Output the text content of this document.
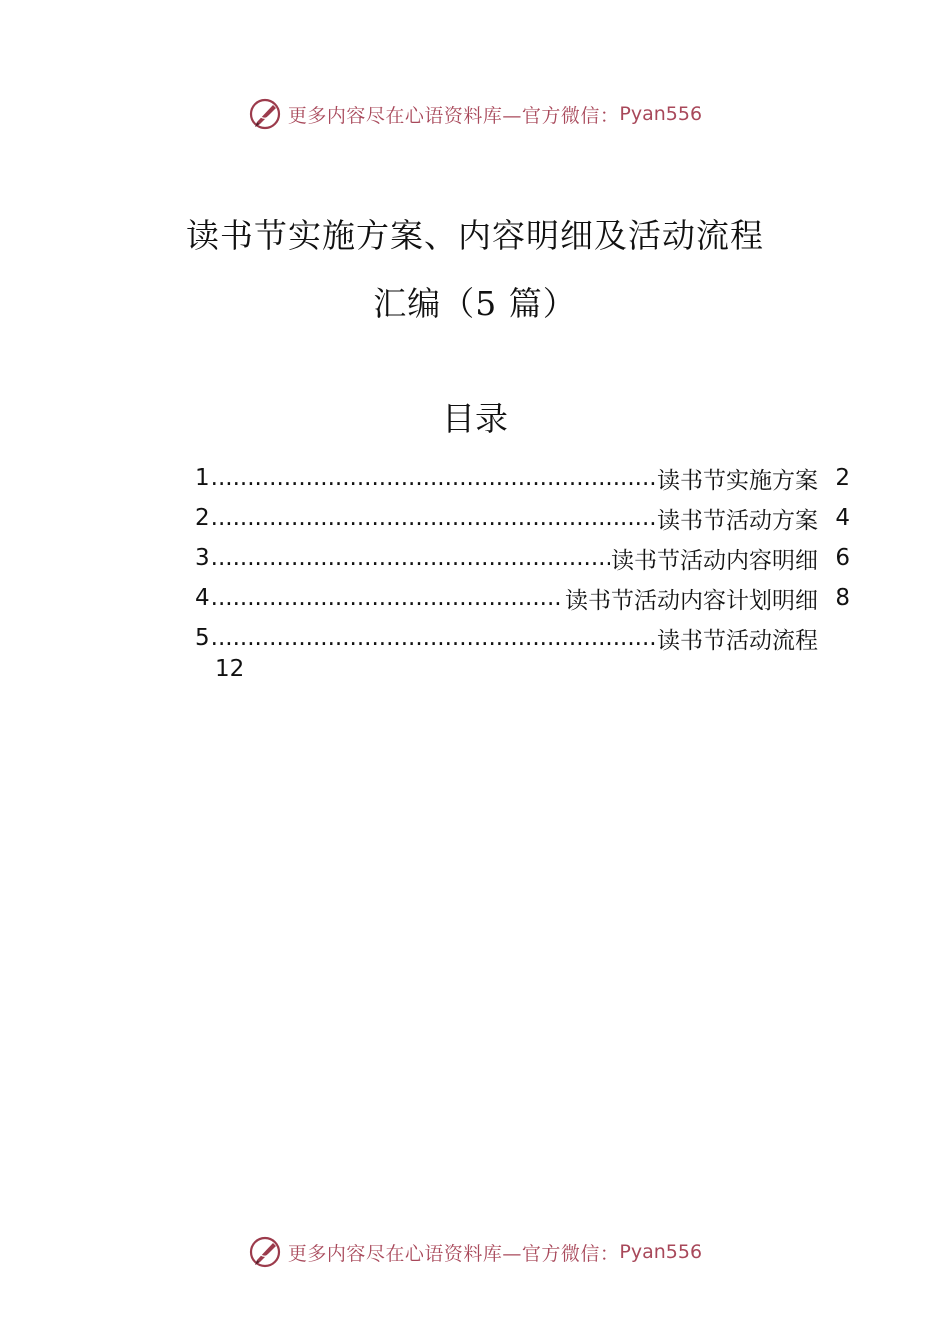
更多内容尽在心语资料库—官方微信： Pyan556
读书节实施方案、内容明细及活动流程
汇编（5 篇）
目录
1 .....	读书节实施方案 2
2 .....	读书节活动方案 4
3 .....	读书节活动内容明细 6
4 .....	读书节活动内容计划明细 8
5 .....	读书节活动流程
12
更多内容尽在心语资料库—官方微信： Pyan556
